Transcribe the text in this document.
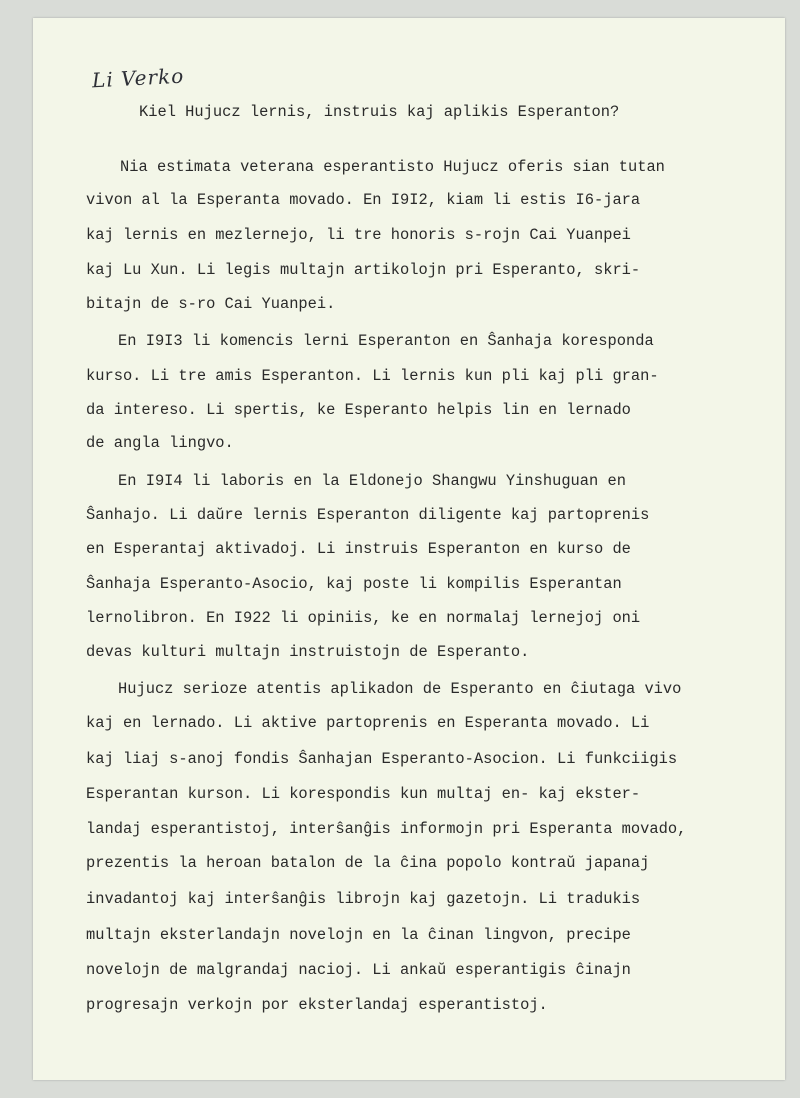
Li Verko
Kiel Hujucz lernis, instruis kaj aplikis Esperanton?
Nia estimata veterana esperantisto Hujucz oferis sian tutan
vivon al la Esperanta movado. En I9I2, kiam li estis I6-jara
kaj lernis en mezlernejo, li tre honoris s-rojn Cai Yuanpei
kaj Lu Xun. Li legis multajn artikolojn pri Esperanto, skri-
bitajn de s-ro Cai Yuanpei.
En I9I3 li komencis lerni Esperanton en Ŝanhaja koresponda
kurso. Li tre amis Esperanton. Li lernis kun pli kaj pli gran-
da intereso. Li spertis, ke Esperanto helpis lin en lernado
de angla lingvo.
En I9I4 li laboris en la Eldonejo Shangwu Yinshuguan en
Ŝanhajo. Li daŭre lernis Esperanton diligente kaj partoprenis
en Esperantaj aktivadoj. Li instruis Esperanton en kurso de
Ŝanhaja Esperanto-Asocio, kaj poste li kompilis Esperantan
lernolibron. En I922 li opiniis, ke en normalaj lernejoj oni
devas kulturi multajn instruistojn de Esperanto.
Hujucz serioze atentis aplikadon de Esperanto en ĉiutaga vivo
kaj en lernado. Li aktive partoprenis en Esperanta movado. Li
kaj liaj s-anoj fondis Ŝanhajan Esperanto-Asocion. Li funkciigis
Esperantan kurson. Li korespondis kun multaj en- kaj ekster-
landaj esperantistoj, interŝanĝis informojn pri Esperanta movado,
prezentis la heroan batalon de la ĉina popolo kontraŭ japanaj
invadantoj kaj interŝanĝis librojn kaj gazetojn. Li tradukis
multajn eksterlandajn novelojn en la ĉinan lingvon, precipe
novelojn de malgrandaj nacioj. Li ankaŭ esperantigis ĉinajn
progresajn verkojn por eksterlandaj esperantistoj.
